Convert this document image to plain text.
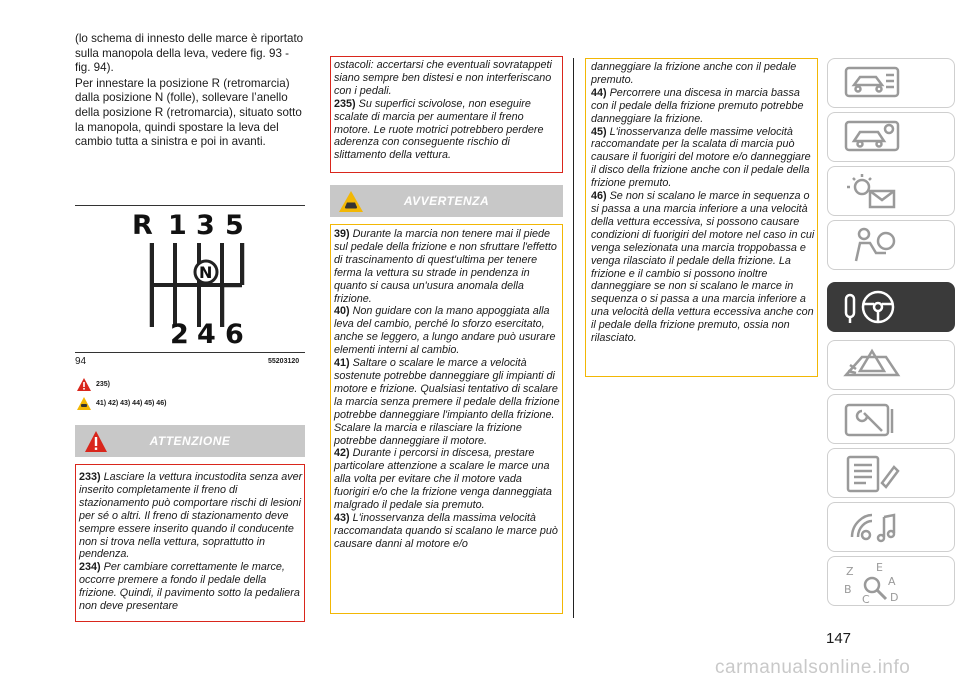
(lo schema di innesto delle marce è riportato sulla manopola della leva, vedere fig. 93 - fig. 94).

Per innestare la posizione R (retromarcia) dalla posizione N (folle), sollevare l’anello della posizione R (retromarcia), situato sotto la manopola, quindi spostare la leva del cambio tutta a sinistra e poi in avanti.

R 1 3 5
N
2 4 6
94	55203120
235)
41) 42) 43) 44) 45) 46)
ATTENZIONE

233) Lasciare la vettura incustodita senza aver inserito completamente il freno di stazionamento può comportare rischi di lesioni per sé o altri. Il freno di stazionamento deve sempre essere inserito quando il conducente non si trova nella vettura, soprattutto in pendenza.

234) Per cambiare correttamente le marce, occorre premere a fondo il pedale della frizione. Quindi, il pavimento sotto la pedaliera non deve presentare

ostacoli: accertarsi che eventuali sovratappeti siano sempre ben distesi e non interferiscano con i pedali.

235) Su superfici scivolose, non eseguire scalate di marcia per aumentare il freno motore. Le ruote motrici potrebbero perdere aderenza con conseguente rischio di slittamento della vettura.

AVVERTENZA

39) Durante la marcia non tenere mai il piede sul pedale della frizione e non sfruttare l'effetto di trascinamento di quest'ultima per tenere ferma la vettura su strade in pendenza in quanto si causa un'usura anomala della frizione.

40) Non guidare con la mano appoggiata alla leva del cambio, perché lo sforzo esercitato, anche se leggero, a lungo andare può usurare elementi interni al cambio.

41) Saltare o scalare le marce a velocità sostenute potrebbe danneggiare gli impianti di motore e frizione. Qualsiasi tentativo di scalare la marcia senza premere il pedale della frizione potrebbe danneggiare l'impianto della frizione. Scalare la marcia e rilasciare la frizione potrebbe danneggiare il motore.

42) Durante i percorsi in discesa, prestare particolare attenzione a scalare le marce una alla volta per evitare che il motore vada fuorigiri e/o che la frizione venga danneggiata malgrado il pedale sia premuto.

43) L'inosservanza della massima velocità raccomandata quando si scalano le marce può causare danni al motore e/o

danneggiare la frizione anche con il pedale premuto.

44) Percorrere una discesa in marcia bassa con il pedale della frizione premuto potrebbe danneggiare la frizione.

45) L'inosservanza delle massime velocità raccomandate per la scalata di marcia può causare il fuorigiri del motore e/o danneggiare il disco della frizione anche con il pedale della frizione premuto.

46) Se non si scalano le marce in sequenza o si passa a una marcia inferiore a una velocità della vettura eccessiva, si possono causare condizioni di fuorigiri del motore nel caso in cui venga selezionata una marcia troppobassa e venga rilasciato il pedale della frizione. La frizione e il cambio si possono inoltre danneggiare se non si scalano le marce in sequenza o si passa a una marcia inferiore a una velocità della vettura eccessiva anche con il pedale della frizione premuto, ossia non rilasciato.

Z E
A
B
C D
147
carmanualsonline.info
